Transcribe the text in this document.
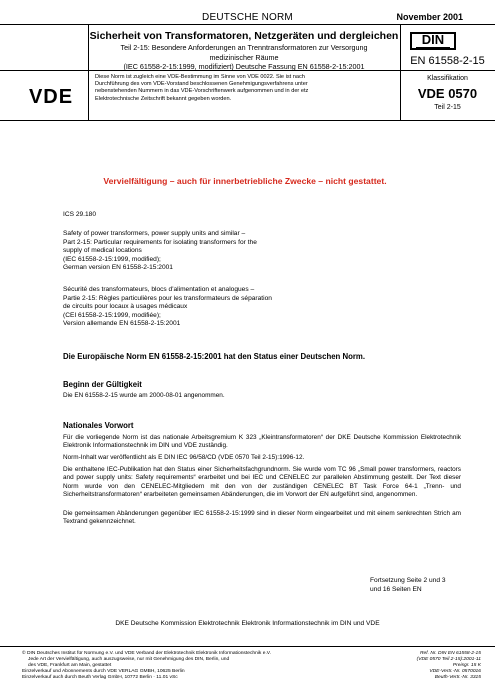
DEUTSCHE NORM	November 2001
Sicherheit von Transformatoren, Netzgeräten und dergleichen
Teil 2-15: Besondere Anforderungen an Trenntransformatoren zur Versorgung
medizinischer Räume
(IEC 61558-2-15:1999, modifiziert) Deutsche Fassung EN 61558-2-15:2001
DIN
EN 61558-2-15
VDE
Diese Norm ist zugleich eine VDE-Bestimmung im Sinne von VDE 0022. Sie ist nach
Durchführung des vom VDE-Vorstand beschlossenen Genehmigungsverfahrens unter
nebenstehenden Nummern in das VDE-Vorschriftenwerk aufgenommen und in der etz
Elektrotechnische Zeitschrift bekannt gegeben worden.
Klassifikation
VDE 0570
Teil 2-15
Vervielfältigung – auch für innerbetriebliche Zwecke – nicht gestattet.
ICS 29.180
Safety of power transformers, power supply units and similar –
Part 2-15: Particular requirements for isolating transformers for the
supply of medical locations
(IEC 61558-2-15:1999, modified);
German version EN 61558-2-15:2001
Sécurité des transformateurs, blocs d'alimentation et analogues –
Partie 2-15: Règles particulières pour les transformateurs de séparation
de circuits pour locaux à usages médicaux
(CEI 61558-2-15:1999, modifiée);
Version allemande EN 61558-2-15:2001
Die Europäische Norm EN 61558-2-15:2001 hat den Status einer Deutschen Norm.
Beginn der Gültigkeit
Die EN 61558-2-15 wurde am 2000-08-01 angenommen.
Nationales Vorwort
Für die vorliegende Norm ist das nationale Arbeitsgremium K 323 „Kleintransformatoren“ der DKE Deutsche Kommission Elektrotechnik Elektronik Informationstechnik im DIN und VDE zuständig.
Norm-Inhalt war veröffentlicht als E DIN IEC 96/58/CD (VDE 0570 Teil 2-15):1996-12.
Die enthaltene IEC-Publikation hat den Status einer Sicherheitsfachgrundnorm. Sie wurde vom TC 96 „Small power transformers, reactors and power supply units: Safety requirements“ erarbeitet und bei IEC und CENELEC zur parallelen Abstimmung gestellt. Der Text dieser Norm wurde von den CENELEC-Mitgliedern mit den von der zuständigen CENELEC BT Task Force 64-1 „Trenn- und Sicherheitstransformatoren“ erarbeiteten gemeinsamen Abänderungen, die im Vorwort der EN aufgeführt sind, angenommen.
Die gemeinsamen Abänderungen gegenüber IEC 61558-2-15:1999 sind in dieser Norm eingearbeitet und mit einem senkrechten Strich am Textrand gekennzeichnet.
Fortsetzung Seite 2 und 3
und 16 Seiten EN
DKE Deutsche Kommission Elektrotechnik Elektronik Informationstechnik im DIN und VDE
© DIN Deutsches Institut für Normung e.V. und VDE Verband der Elektrotechnik Elektronik Informationstechnik e.V.
Jede Art der Vervielfältigung, auch auszugsweise, nur mit Genehmigung des DIN, Berlin, und
des VDE, Frankfurt am Main, gestattet
Einzelverkauf und Abonnements durch VDE VERLAG GMBH, 10625 Berlin
Einzelverkauf auch durch Beuth Verlag GmbH, 10772 Berlin · 11.01 vSc
Ref. Nr. DIN EN 61558-2-15
(VDE 0570 Teil 2-15):2001-11
Preisgr. 15 K
VDE-Vertr.-Nr. 0570016
Beuth-Vertr.-Nr. 3315
